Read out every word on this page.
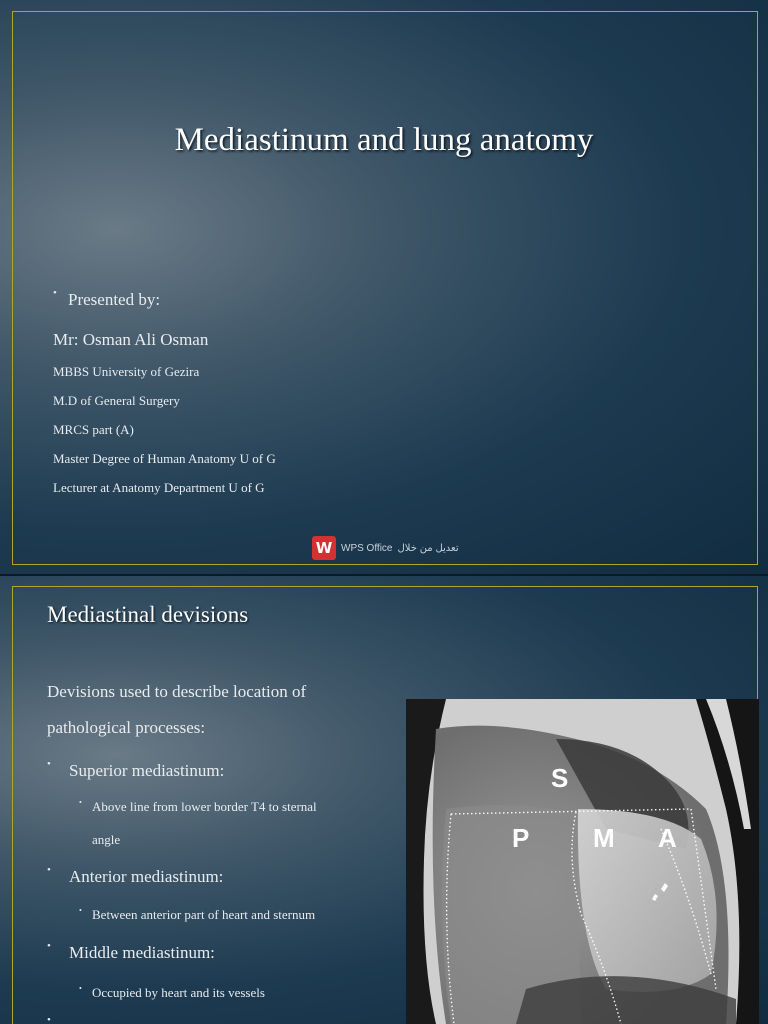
Mediastinum and lung anatomy
• Presented by:
Mr: Osman Ali Osman
MBBS University of Gezira
M.D of General Surgery
MRCS part (A)
Master Degree of Human Anatomy U of G
Lecturer at Anatomy Department U of G
W WPS Office تعديل من خلال
Mediastinal devisions
Devisions used to describe location of
pathological processes:
• Superior mediastinum:
• Above line from lower border T4 to sternal
angle
• Anterior mediastinum:
• Between anterior part of heart and sternum
• Middle mediastinum:
• Occupied by heart and its vessels
•
S
P M A
